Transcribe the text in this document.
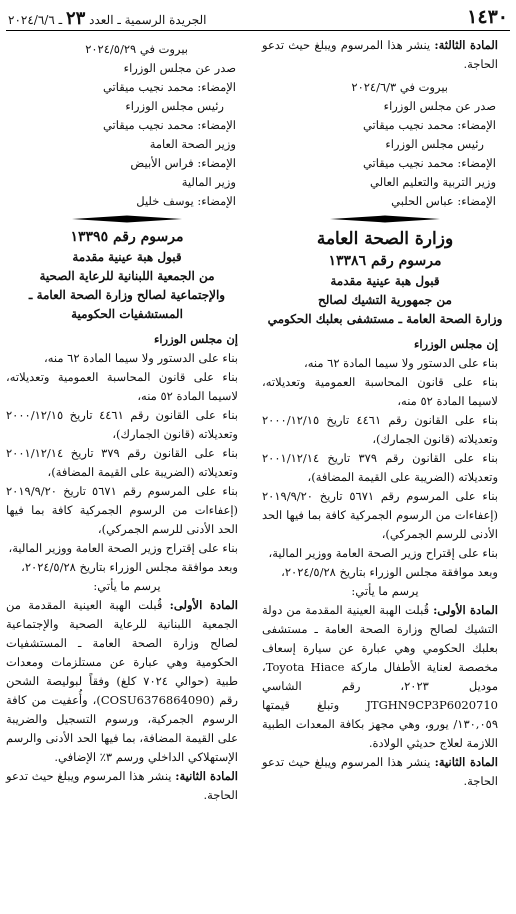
١٤٣٠
الجريدة الرسمية ـ العدد ٢٣ ـ ٢٠٢٤/٦/٦

المادة الثالثة: ينشر هذا المرسوم ويبلغ حيث تدعو الحاجة.

بيروت في ٢٠٢٤/٦/٣

صدر عن مجلس الوزراء

الإمضاء: محمد نجيب ميقاتي

رئيس مجلس الوزراء

الإمضاء: محمد نجيب ميقاتي

وزير التربية والتعليم العالي

الإمضاء: عباس الحلبي

وزارة الصحة العامة

مرسوم رقم ١٣٣٨٦

قبول هبة عينية مقدمة

من جمهورية التشيك لصالح

وزارة الصحة العامة ـ مستشفى بعلبك الحكومي

إن مجلس الوزراء

بناء على الدستور ولا سيما المادة ٦٢ منه،

بناء على قانون المحاسبة العمومية وتعديلاته، لاسيما المادة ٥٢ منه،

بناء على القانون رقم ٤٤٦١ تاريخ ٢٠٠٠/١٢/١٥ وتعديلاته (قانون الجمارك)،

بناء على القانون رقم ٣٧٩ تاريخ ٢٠٠١/١٢/١٤ وتعديلاته (الضريبة على القيمة المضافة)،

بناء على المرسوم رقم ٥٦٧١ تاريخ ٢٠١٩/٩/٢٠ (إعفاءات من الرسوم الجمركية كافة بما فيها الحد الأدنى للرسم الجمركي)،

بناء على إقتراح وزير الصحة العامة ووزير المالية،

وبعد موافقة مجلس الوزراء بتاريخ ٢٠٢٤/٥/٢٨،

يرسم ما يأتي:

المادة الأولى: قُبلت الهبة العينية المقدمة من دولة التشيك لصالح وزارة الصحة العامة ـ مستشفى بعلبك الحكومي وهي عبارة عن سيارة إسعاف مخصصة لعناية الأطفال ماركة Toyota Hiace، موديل ٢٠٢٣، رقم الشاسي JTGHN9CP3P6020710 وتبلغ قيمتها ١٣٠,٠٥٩/ يورو، وهي مجهز بكافة المعدات الطبية اللازمة لعلاج حديثي الولادة.

المادة الثانية: ينشر هذا المرسوم ويبلغ حيث تدعو الحاجة.

بيروت في ٢٠٢٤/٥/٢٩

صدر عن مجلس الوزراء

الإمضاء: محمد نجيب ميقاتي

رئيس مجلس الوزراء

الإمضاء: محمد نجيب ميقاتي

وزير الصحة العامة

الإمضاء: فراس الأبيض

وزير المالية

الإمضاء: يوسف خليل

مرسوم رقم ١٣٣٩٥

قبول هبة عينية مقدمة

من الجمعية اللبنانية للرعاية الصحية

والإجتماعية لصالح وزارة الصحة العامة ـ

المستشفيات الحكومية

إن مجلس الوزراء

بناء على الدستور ولا سيما المادة ٦٢ منه،

بناء على قانون المحاسبة العمومية وتعديلاته، لاسيما المادة ٥٢ منه،

بناء على القانون رقم ٤٤٦١ تاريخ ٢٠٠٠/١٢/١٥ وتعديلاته (قانون الجمارك)،

بناء على القانون رقم ٣٧٩ تاريخ ٢٠٠١/١٢/١٤ وتعديلاته (الضريبة على القيمة المضافة)،

بناء على المرسوم رقم ٥٦٧١ تاريخ ٢٠١٩/٩/٢٠ (إعفاءات من الرسوم الجمركية كافة بما فيها الحد الأدنى للرسم الجمركي)،

بناء على إقتراح وزير الصحة العامة ووزير المالية،

وبعد موافقة مجلس الوزراء بتاريخ ٢٠٢٤/٥/٢٨،

يرسم ما يأتي:

المادة الأولى: قُبلت الهبة العينية المقدمة من الجمعية اللبنانية للرعاية الصحية والإجتماعية لصالح وزارة الصحة العامة ـ المستشفيات الحكومية وهي عبارة عن مستلزمات ومعدات طبية (حوالي ٧٠٢٤ كلغ) وفقاً لبوليصة الشحن رقم (COSU6376864090)، وأُعفيت من كافة الرسوم الجمركية، ورسوم التسجيل والضريبة على القيمة المضافة، بما فيها الحد الأدنى والرسم الإستهلاكي الداخلي ورسم ٣٪ الإضافي.

المادة الثانية: ينشر هذا المرسوم ويبلغ حيث تدعو الحاجة.
